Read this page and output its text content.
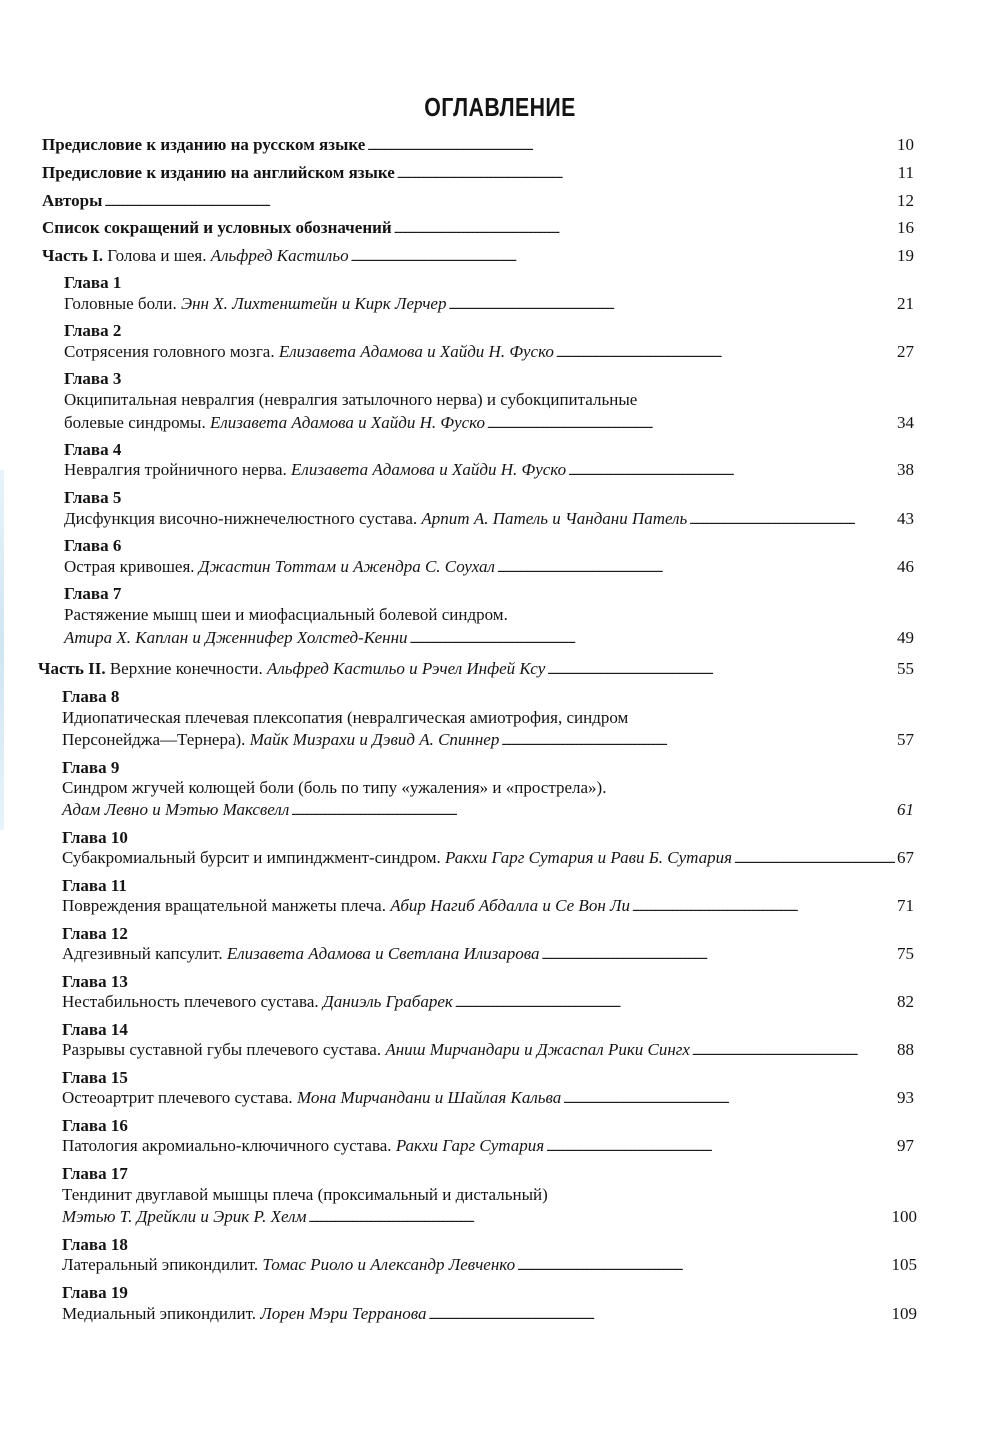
ОГЛАВЛЕНИЕ
Предисловие к изданию на русском языке . . .	10
Предисловие к изданию на английском языке . . .	11
Авторы . . .	12
Список сокращений и условных обозначений . . .	16
Часть I. Голова и шея. Альфред Кастильо . . .	19
Глава 1
Головные боли. Энн Х. Лихтенштейн и Кирк Лерчер . . .	21
Глава 2
Сотрясения головного мозга. Елизавета Адамова и Хайди Н. Фуско . . .	27
Глава 3
Окципитальная невралгия (невралгия затылочного нерва) и субокципитальные
болевые синдромы. Елизавета Адамова и Хайди Н. Фуско . . .	34
Глава 4
Невралгия тройничного нерва. Елизавета Адамова и Хайди Н. Фуско . . .	38
Глава 5
Дисфункция височно-нижнечелюстного сустава. Арпит А. Патель и Чандани Патель . . .	43
Глава 6
Острая кривошея. Джастин Тоттам и Ажендра С. Соухал . . .	46
Глава 7
Растяжение мышц шеи и миофасциальный болевой синдром.
Атира Х. Каплан и Дженнифер Холстед-Кенни . . .	49
Часть II. Верхние конечности. Альфред Кастильо и Рэчел Инфей Ксу . . .	55
Глава 8
Идиопатическая плечевая плексопатия (невралгическая амиотрофия, синдром
Персонейджа—Тернера). Майк Мизрахи и Дэвид А. Спиннер . . .	57
Глава 9
Синдром жгучей колющей боли (боль по типу «ужаления» и «прострела»).
Адам Левно и Мэтью Максвелл . . .	61
Глава 10
Субакромиальный бурсит и импинджмент-синдром. Ракхи Гарг Сутария и Рави Б. Сутария . . .	67
Глава 11
Повреждения вращательной манжеты плеча. Абир Нагиб Абдалла и Се Вон Ли . . .	71
Глава 12
Адгезивный капсулит. Елизавета Адамова и Светлана Илизарова . . .	75
Глава 13
Нестабильность плечевого сустава. Даниэль Грабарек . . .	82
Глава 14
Разрывы суставной губы плечевого сустава. Аниш Мирчандари и Джаспал Рики Сингх . . .	88
Глава 15
Остеоартрит плечевого сустава. Мона Мирчандани и Шайлая Кальва . . .	93
Глава 16
Патология акромиально-ключичного сустава. Ракхи Гарг Сутария . . .	97
Глава 17
Тендинит двуглавой мышцы плеча (проксимальный и дистальный)
Мэтью Т. Дрейкли и Эрик Р. Хелм . . .	100
Глава 18
Латеральный эпикондилит. Томас Риоло и Александр Левченко . . .	105
Глава 19
Медиальный эпикондилит. Лорен Мэри Терранова . . .	109
